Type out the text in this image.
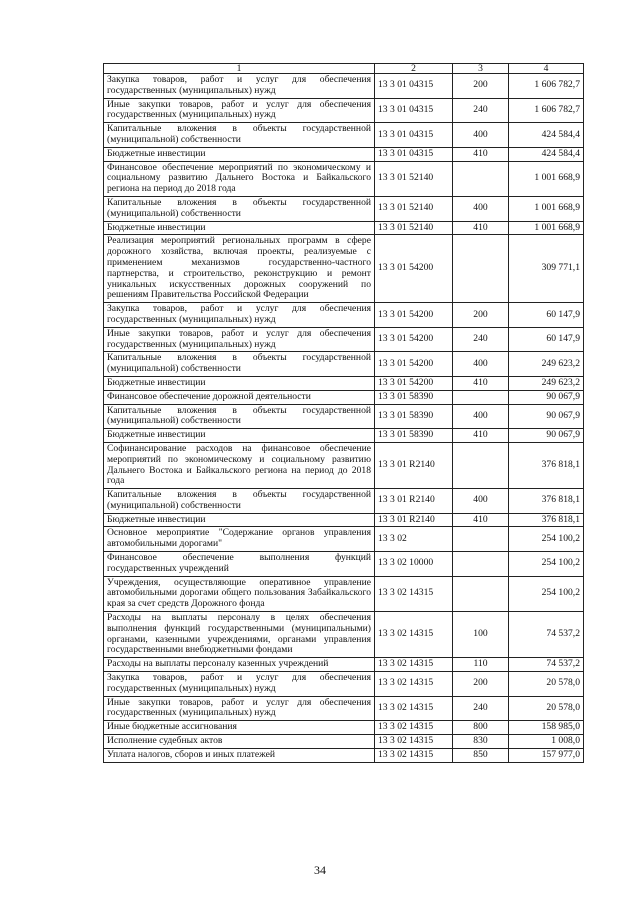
1	2	3	4
Закупка товаров, работ и услуг для обеспечения государственных (муниципальных) нужд	13 3 01 04315	200	1 606 782,7
Иные закупки товаров, работ и услуг для обеспечения государственных (муниципальных) нужд	13 3 01 04315	240	1 606 782,7
Капитальные вложения в объекты государственной (муниципальной) собственности	13 3 01 04315	400	424 584,4
Бюджетные инвестиции	13 3 01 04315	410	424 584,4
Финансовое обеспечение мероприятий по экономическому и социальному развитию Дальнего Востока и Байкальского региона на период до 2018 года	13 3 01 52140		1 001 668,9
Капитальные вложения в объекты государственной (муниципальной) собственности	13 3 01 52140	400	1 001 668,9
Бюджетные инвестиции	13 3 01 52140	410	1 001 668,9
Реализация мероприятий региональных программ в сфере дорожного хозяйства, включая проекты, реализуемые с применением механизмов государственно-частного партнерства, и строительство, реконструкцию и ремонт уникальных искусственных дорожных сооружений по решениям Правительства Российской Федерации	13 3 01 54200		309 771,1
Закупка товаров, работ и услуг для обеспечения государственных (муниципальных) нужд	13 3 01 54200	200	60 147,9
Иные закупки товаров, работ и услуг для обеспечения государственных (муниципальных) нужд	13 3 01 54200	240	60 147,9
Капитальные вложения в объекты государственной (муниципальной) собственности	13 3 01 54200	400	249 623,2
Бюджетные инвестиции	13 3 01 54200	410	249 623,2
Финансовое обеспечение дорожной деятельности	13 3 01 58390		90 067,9
Капитальные вложения в объекты государственной (муниципальной) собственности	13 3 01 58390	400	90 067,9
Бюджетные инвестиции	13 3 01 58390	410	90 067,9
Софинансирование расходов на финансовое обеспечение мероприятий по экономическому и социальному развитию Дальнего Востока и Байкальского региона на период до 2018 года	13 3 01 R2140		376 818,1
Капитальные вложения в объекты государственной (муниципальной) собственности	13 3 01 R2140	400	376 818,1
Бюджетные инвестиции	13 3 01 R2140	410	376 818,1
Основное мероприятие "Содержание органов управления автомобильными дорогами"	13 3 02		254 100,2
Финансовое обеспечение выполнения функций государственных учреждений	13 3 02 10000		254 100,2
Учреждения, осуществляющие оперативное управление автомобильными дорогами общего пользования Забайкальского края за счет средств Дорожного фонда	13 3 02 14315		254 100,2
Расходы на выплаты персоналу в целях обеспечения выполнения функций государственными (муниципальными) органами, казенными учреждениями, органами управления государственными внебюджетными фондами	13 3 02 14315	100	74 537,2
Расходы на выплаты персоналу казенных учреждений	13 3 02 14315	110	74 537,2
Закупка товаров, работ и услуг для обеспечения государственных (муниципальных) нужд	13 3 02 14315	200	20 578,0
Иные закупки товаров, работ и услуг для обеспечения государственных (муниципальных) нужд	13 3 02 14315	240	20 578,0
Иные бюджетные ассигнования	13 3 02 14315	800	158 985,0
Исполнение судебных актов	13 3 02 14315	830	1 008,0
Уплата налогов, сборов и иных платежей	13 3 02 14315	850	157 977,0
34
